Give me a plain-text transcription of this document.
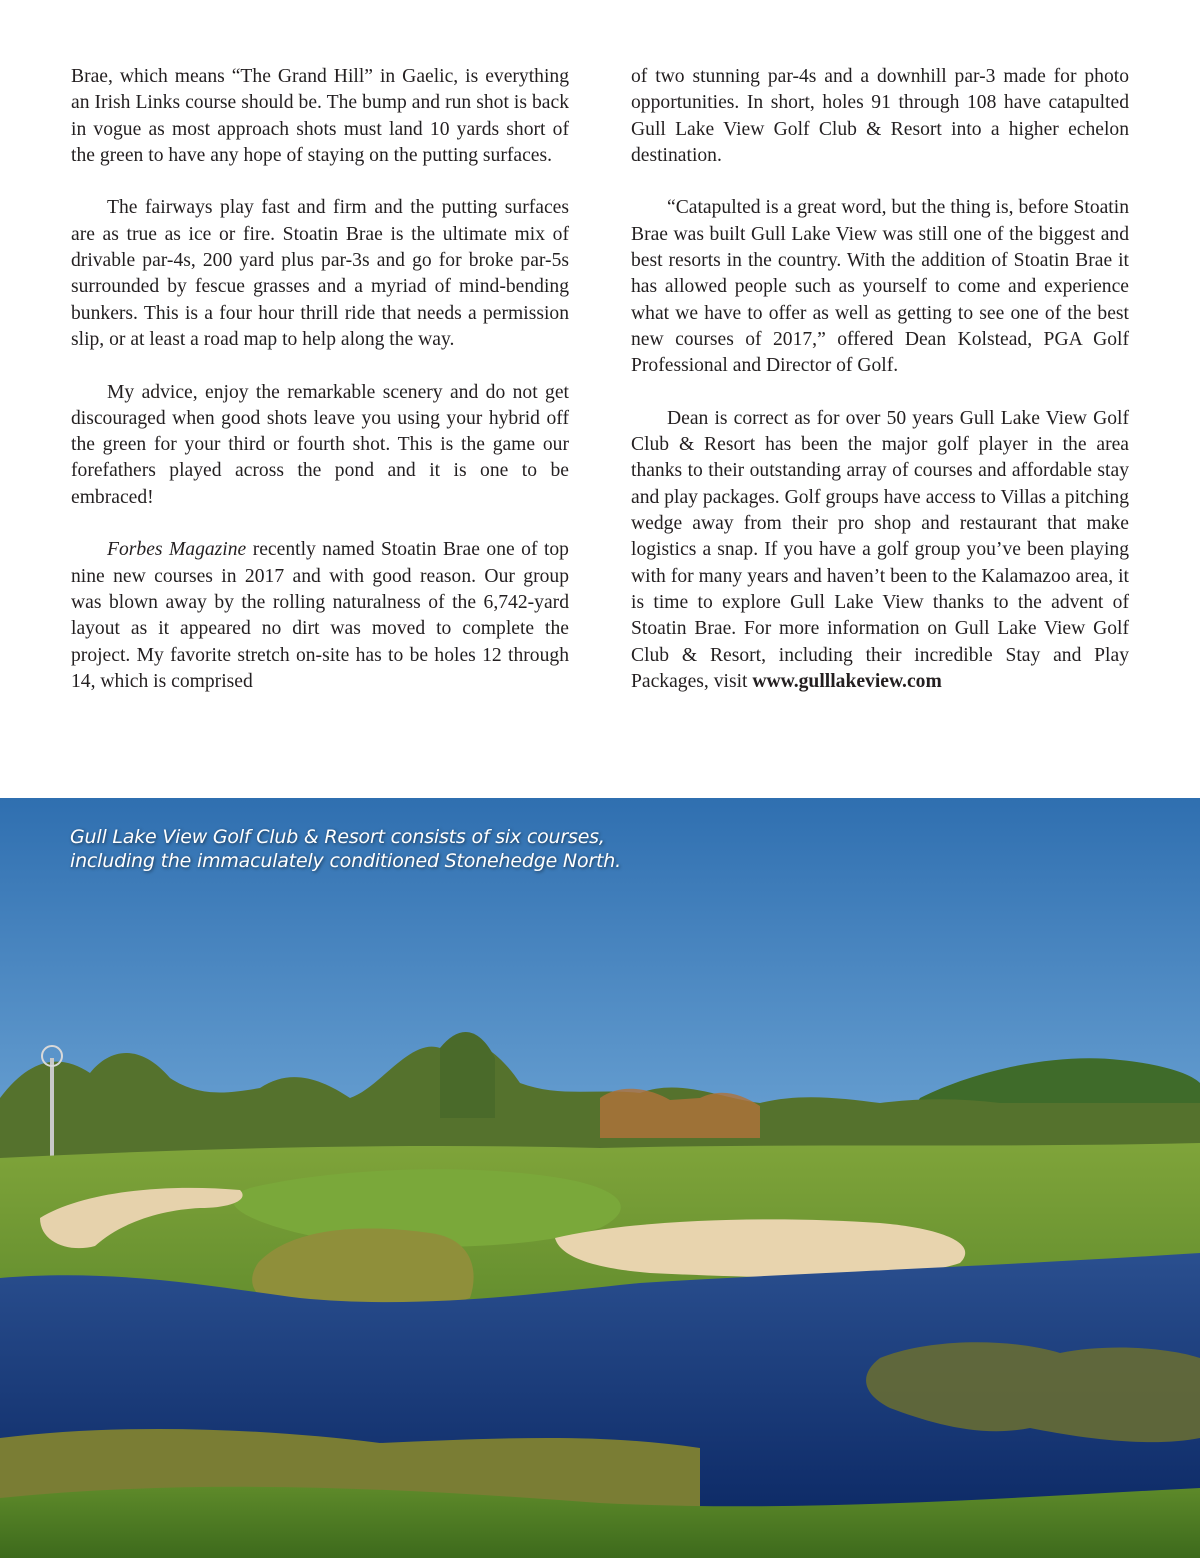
Brae, which means “The Grand Hill” in Gaelic, is everything an Irish Links course should be. The bump and run shot is back in vogue as most approach shots must land 10 yards short of the green to have any hope of staying on the putting surfaces.

The fairways play fast and firm and the putting surfaces are as true as ice or fire. Stoatin Brae is the ultimate mix of drivable par-4s, 200 yard plus par-3s and go for broke par-5s surrounded by fescue grasses and a myriad of mind-bending bunkers. This is a four hour thrill ride that needs a permission slip, or at least a road map to help along the way.

My advice, enjoy the remarkable scenery and do not get discouraged when good shots leave you using your hybrid off the green for your third or fourth shot. This is the game our forefathers played across the pond and it is one to be embraced!

Forbes Magazine recently named Stoatin Brae one of top nine new courses in 2017 and with good reason. Our group was blown away by the rolling naturalness of the 6,742-yard layout as it appeared no dirt was moved to complete the project. My favorite stretch on-site has to be holes 12 through 14, which is comprised

of two stunning par-4s and a downhill par-3 made for photo opportunities. In short, holes 91 through 108 have catapulted Gull Lake View Golf Club & Resort into a higher echelon destination.

“Catapulted is a great word, but the thing is, before Stoatin Brae was built Gull Lake View was still one of the biggest and best resorts in the country. With the addition of Stoatin Brae it has allowed people such as yourself to come and experience what we have to offer as well as getting to see one of the best new courses of 2017,” offered Dean Kolstead, PGA Golf Professional and Director of Golf.

Dean is correct as for over 50 years Gull Lake View Golf Club & Resort has been the major golf player in the area thanks to their outstanding array of courses and affordable stay and play packages. Golf groups have access to Villas a pitching wedge away from their pro shop and restaurant that make logistics a snap. If you have a golf group you’ve been playing with for many years and haven’t been to the Kalamazoo area, it is time to explore Gull Lake View thanks to the advent of Stoatin Brae. For more information on Gull Lake View Golf Club & Resort, including their incredible Stay and Play Packages, visit www.gulllakeview.com

Gull Lake View Golf Club & Resort consists of six courses,
including the immaculately conditioned Stonehedge North.
